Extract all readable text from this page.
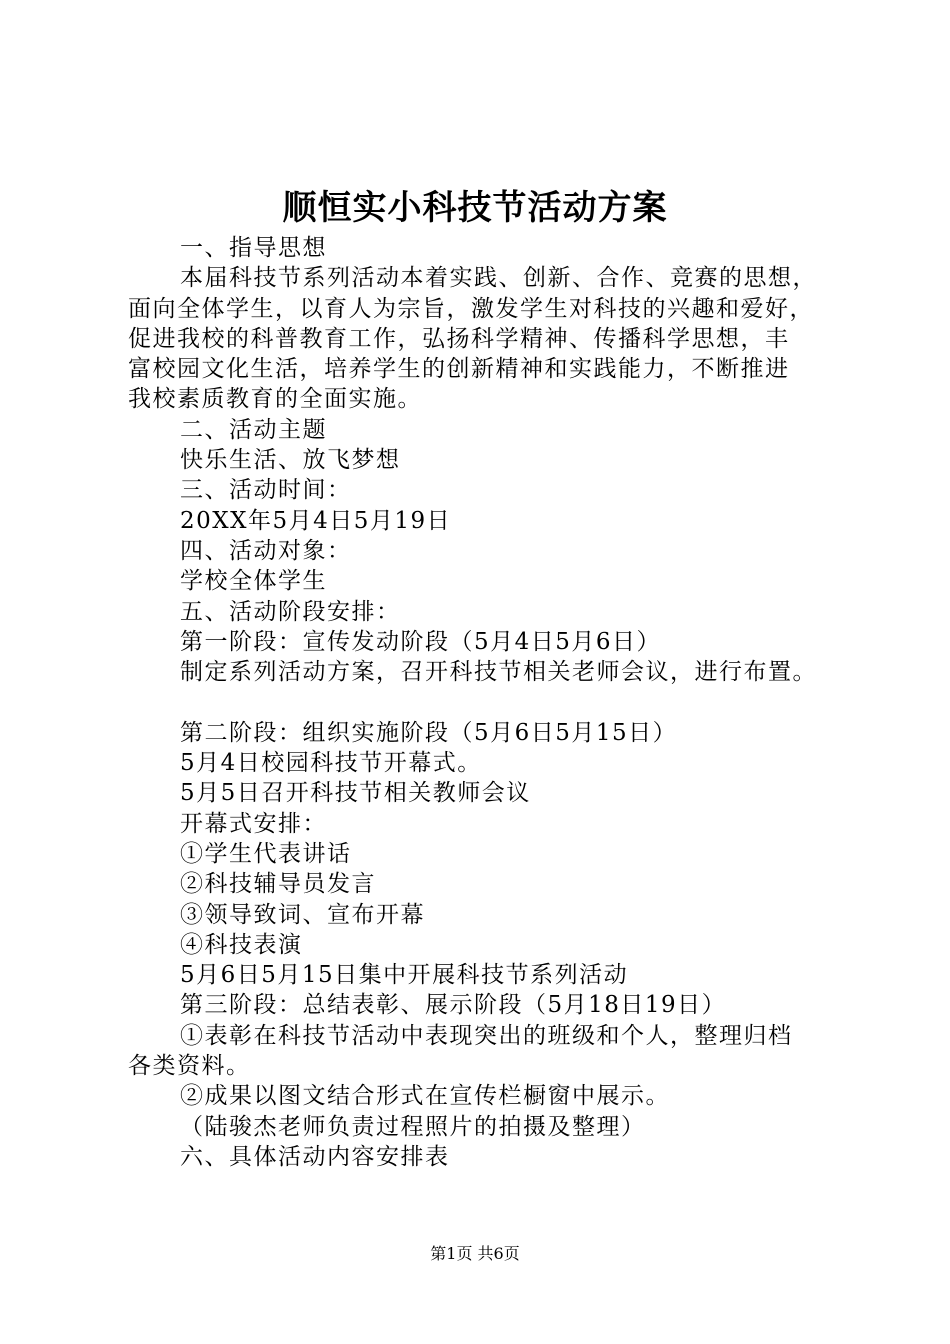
顺恒实小科技节活动方案
一、指导思想
本届科技节系列活动本着实践、创新、合作、竞赛的思想，
面向全体学生，以育人为宗旨，激发学生对科技的兴趣和爱好，
促进我校的科普教育工作，弘扬科学精神、传播科学思想，丰
富校园文化生活，培养学生的创新精神和实践能力，不断推进
我校素质教育的全面实施。
二、活动主题
快乐生活、放飞梦想
三、活动时间：
20XX年5月4日5月19日
四、活动对象：
学校全体学生
五、活动阶段安排：
第一阶段：宣传发动阶段（5月4日5月6日）
制定系列活动方案，召开科技节相关老师会议，进行布置。
第二阶段：组织实施阶段（5月6日5月15日）
5月4日校园科技节开幕式。
5月5日召开科技节相关教师会议
开幕式安排：
①学生代表讲话
②科技辅导员发言
③领导致词、宣布开幕
④科技表演
5月6日5月15日集中开展科技节系列活动
第三阶段：总结表彰、展示阶段（5月18日19日）
①表彰在科技节活动中表现突出的班级和个人，整理归档
各类资料。
②成果以图文结合形式在宣传栏橱窗中展示。
（陆骏杰老师负责过程照片的拍摄及整理）
六、具体活动内容安排表
第1页 共6页
